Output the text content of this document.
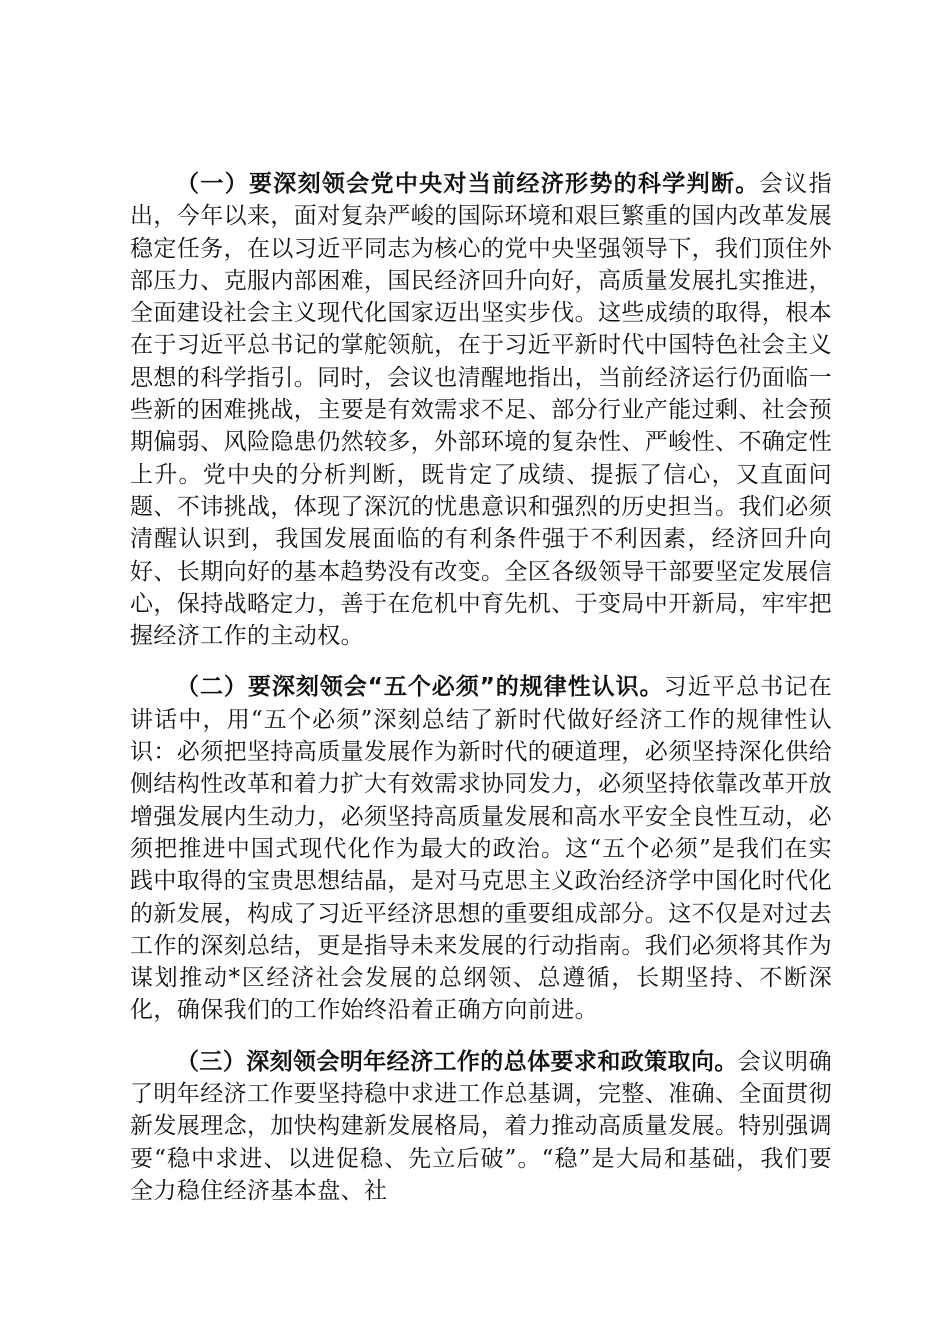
（一）要深刻领会党中央对当前经济形势的科学判断。会议指出，今年以来，面对复杂严峻的国际环境和艰巨繁重的国内改革发展稳定任务，在以习近平同志为核心的党中央坚强领导下，我们顶住外部压力、克服内部困难，国民经济回升向好，高质量发展扎实推进，全面建设社会主义现代化国家迈出坚实步伐。这些成绩的取得，根本在于习近平总书记的掌舵领航，在于习近平新时代中国特色社会主义思想的科学指引。同时，会议也清醒地指出，当前经济运行仍面临一些新的困难挑战，主要是有效需求不足、部分行业产能过剩、社会预期偏弱、风险隐患仍然较多，外部环境的复杂性、严峻性、不确定性上升。党中央的分析判断，既肯定了成绩、提振了信心，又直面问题、不讳挑战，体现了深沉的忧患意识和强烈的历史担当。我们必须清醒认识到，我国发展面临的有利条件强于不利因素，经济回升向好、长期向好的基本趋势没有改变。全区各级领导干部要坚定发展信心，保持战略定力，善于在危机中育先机、于变局中开新局，牢牢把握经济工作的主动权。

（二）要深刻领会“五个必须”的规律性认识。习近平总书记在讲话中，用“五个必须”深刻总结了新时代做好经济工作的规律性认识：必须把坚持高质量发展作为新时代的硬道理，必须坚持深化供给侧结构性改革和着力扩大有效需求协同发力，必须坚持依靠改革开放增强发展内生动力，必须坚持高质量发展和高水平安全良性互动，必须把推进中国式现代化作为最大的政治。这“五个必须”是我们在实践中取得的宝贵思想结晶，是对马克思主义政治经济学中国化时代化的新发展，构成了习近平经济思想的重要组成部分。这不仅是对过去工作的深刻总结，更是指导未来发展的行动指南。我们必须将其作为谋划推动*区经济社会发展的总纲领、总遵循，长期坚持、不断深化，确保我们的工作始终沿着正确方向前进。

（三）深刻领会明年经济工作的总体要求和政策取向。会议明确了明年经济工作要坚持稳中求进工作总基调，完整、准确、全面贯彻新发展理念，加快构建新发展格局，着力推动高质量发展。特别强调要“稳中求进、以进促稳、先立后破”。“稳”是大局和基础，我们要全力稳住经济基本盘、社
